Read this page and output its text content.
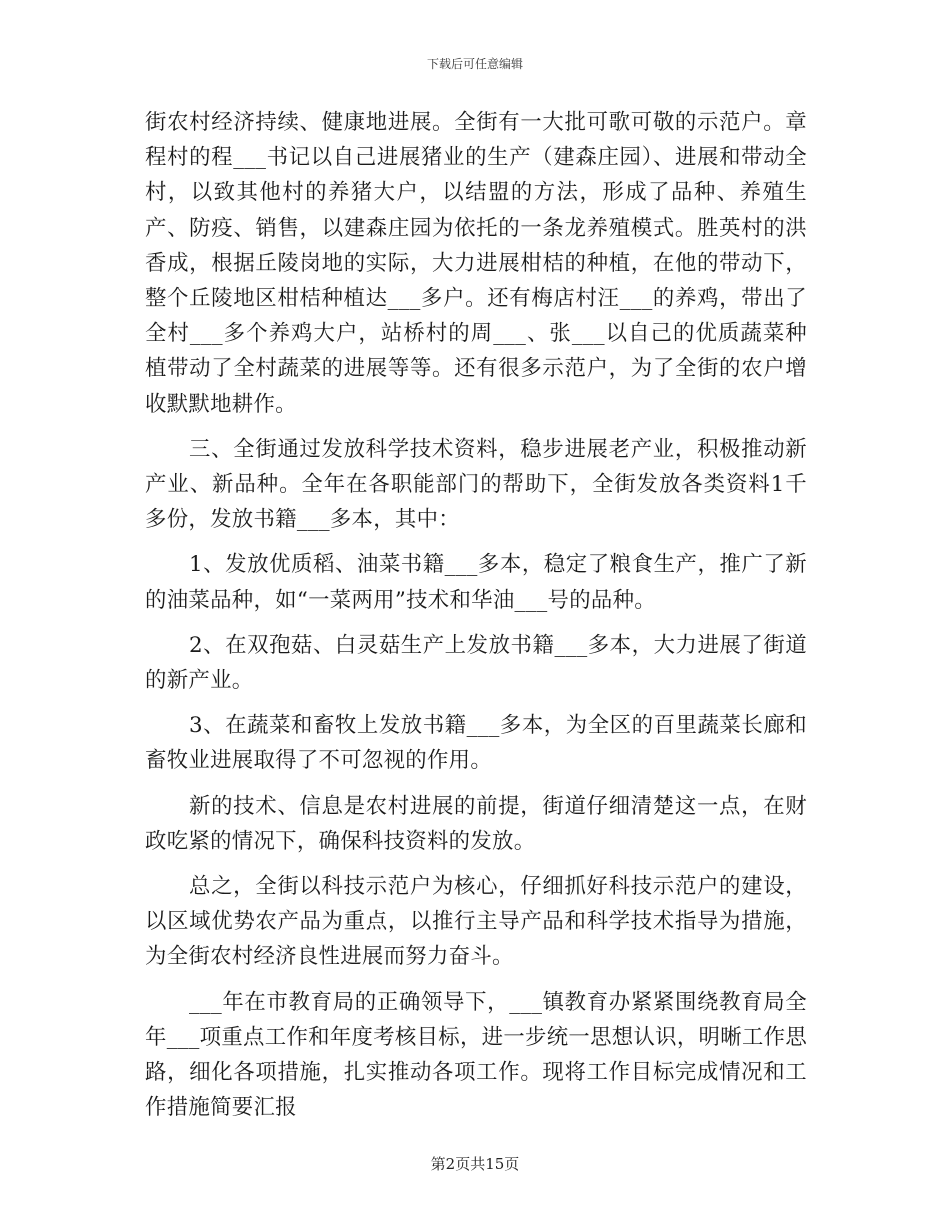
下载后可任意编辑

街农村经济持续、健康地进展。全街有一大批可歌可敬的示范户。章程村的程___书记以自己进展猪业的生产（建森庄园）、进展和带动全村，以致其他村的养猪大户，以结盟的方法，形成了品种、养殖生产、防疫、销售，以建森庄园为依托的一条龙养殖模式。胜英村的洪香成，根据丘陵岗地的实际，大力进展柑桔的种植，在他的带动下，整个丘陵地区柑桔种植达___多户。还有梅店村汪___的养鸡，带出了全村___多个养鸡大户，站桥村的周___、张___以自己的优质蔬菜种植带动了全村蔬菜的进展等等。还有很多示范户，为了全街的农户增收默默地耕作。

三、全街通过发放科学技术资料，稳步进展老产业，积极推动新产业、新品种。全年在各职能部门的帮助下，全街发放各类资料1千多份，发放书籍___多本，其中：

1、发放优质稻、油菜书籍___多本，稳定了粮食生产，推广了新的油菜品种，如“一菜两用”技术和华油___号的品种。

2、在双孢菇、白灵菇生产上发放书籍___多本，大力进展了街道的新产业。

3、在蔬菜和畜牧上发放书籍___多本，为全区的百里蔬菜长廊和畜牧业进展取得了不可忽视的作用。

新的技术、信息是农村进展的前提，街道仔细清楚这一点，在财政吃紧的情况下，确保科技资料的发放。

总之，全街以科技示范户为核心，仔细抓好科技示范户的建设，以区域优势农产品为重点，以推行主导产品和科学技术指导为措施，为全街农村经济良性进展而努力奋斗。

___年在市教育局的正确领导下，___镇教育办紧紧围绕教育局全年___项重点工作和年度考核目标，进一步统一思想认识，明晰工作思路，细化各项措施，扎实推动各项工作。现将工作目标完成情况和工作措施简要汇报

第2页共15页
